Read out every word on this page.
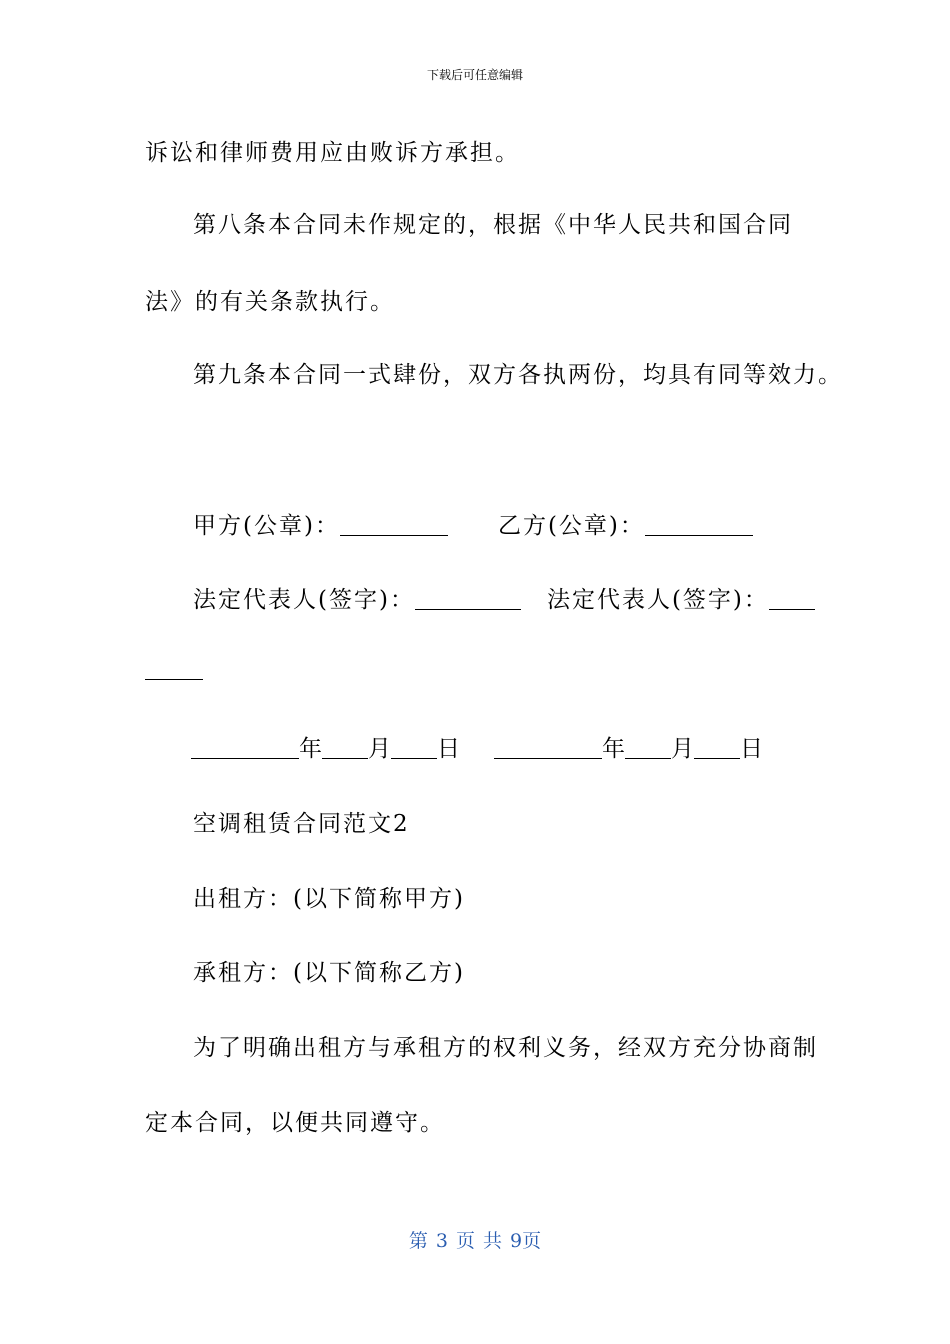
下载后可任意编辑
诉讼和律师费用应由败诉方承担。
第八条本合同未作规定的，根据《中华人民共和国合同
法》的有关条款执行。
第九条本合同一式肆份，双方各执两份，均具有同等效力。
甲方(公章)：	乙方(公章)：
法定代表人(签字)：	法定代表人(签字)：
年 月 日	年 月 日
空调租赁合同范文2
出租方：(以下简称甲方)
承租方：(以下简称乙方)
为了明确出租方与承租方的权利义务，经双方充分协商制
定本合同，以便共同遵守。
第 3 页 共 9页
